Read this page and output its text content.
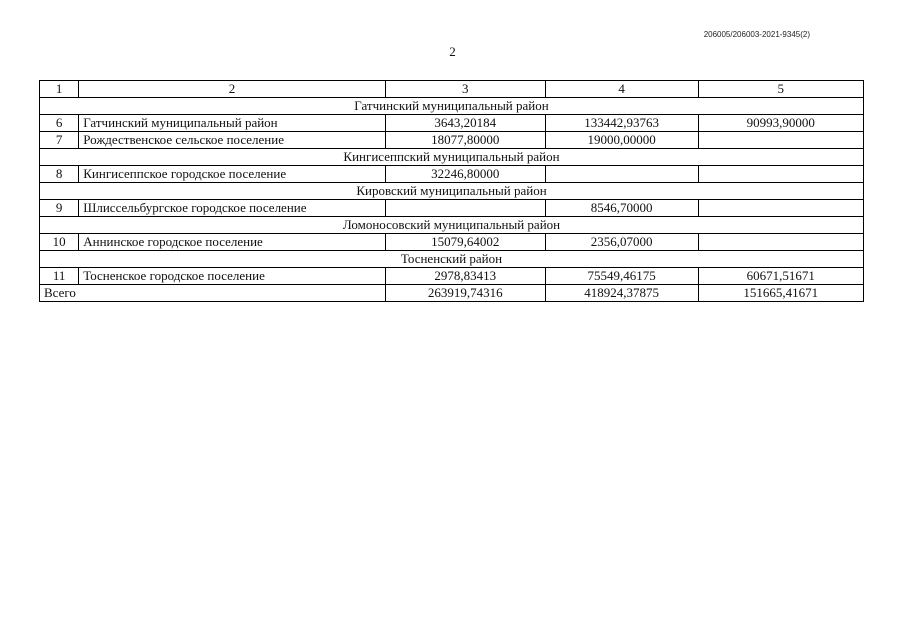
206005/206003-2021-9345(2)
2
1	2	3	4	5
Гатчинский муниципальный район				
6	Гатчинский муниципальный район	3643,20184	133442,93763	90993,90000
7	Рождественское сельское поселение	18077,80000	19000,00000	
Кингисеппский муниципальный район				
8	Кингисеппское городское поселение	32246,80000		
Кировский муниципальный район				
9	Шлиссельбургское городское поселение		8546,70000	
Ломоносовский муниципальный район				
10	Аннинское городское поселение	15079,64002	2356,07000	
Тосненский район				
11	Тосненское городское поселение	2978,83413	75549,46175	60671,51671
Всего		263919,74316	418924,37875	151665,41671
